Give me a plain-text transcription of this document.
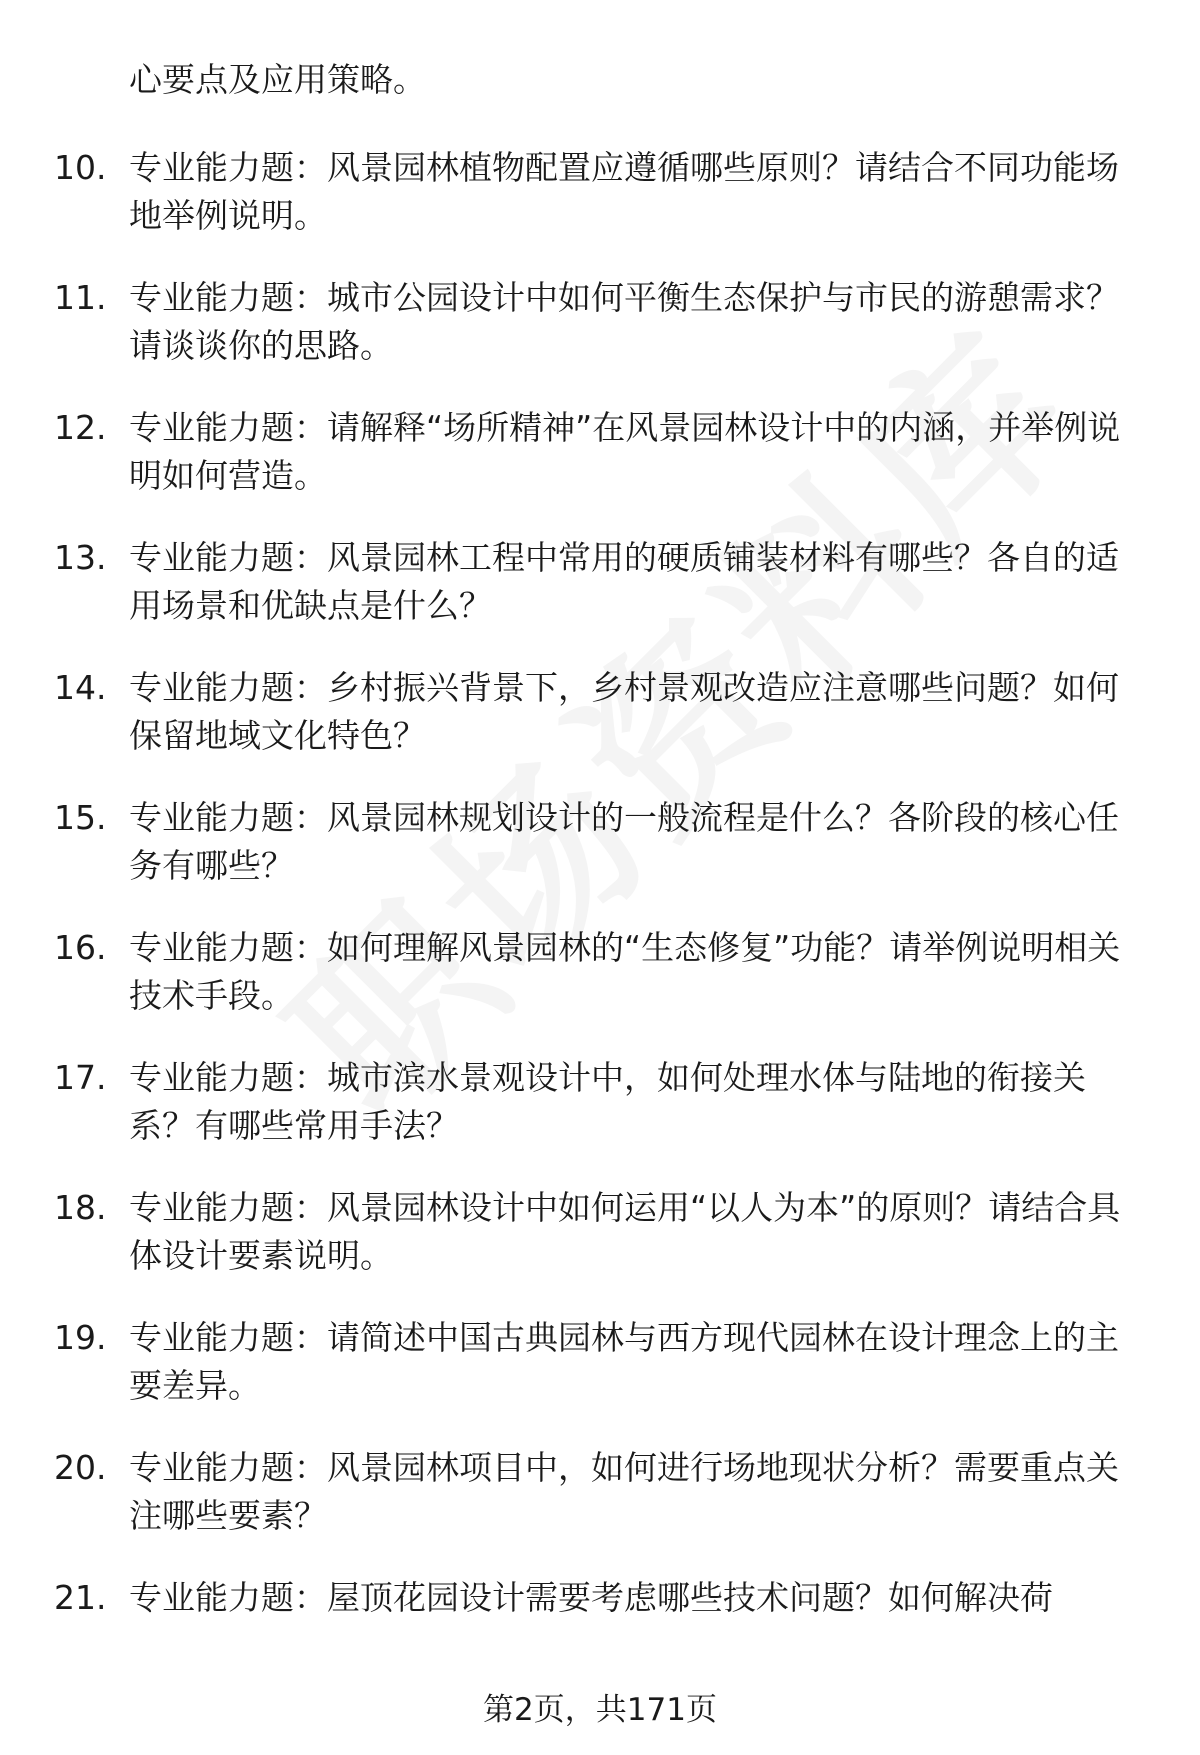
心要点及应用策略。
10. 专业能力题：风景园林植物配置应遵循哪些原则？请结合不同功能场地举例说明。
11. 专业能力题：城市公园设计中如何平衡生态保护与市民的游憩需求？请谈谈你的思路。
12. 专业能力题：请解释“场所精神”在风景园林设计中的内涵，并举例说明如何营造。
13. 专业能力题：风景园林工程中常用的硬质铺装材料有哪些？各自的适用场景和优缺点是什么？
14. 专业能力题：乡村振兴背景下，乡村景观改造应注意哪些问题？如何保留地域文化特色？
15. 专业能力题：风景园林规划设计的一般流程是什么？各阶段的核心任务有哪些？
16. 专业能力题：如何理解风景园林的“生态修复”功能？请举例说明相关技术手段。
17. 专业能力题：城市滨水景观设计中，如何处理水体与陆地的衔接关系？有哪些常用手法？
18. 专业能力题：风景园林设计中如何运用“以人为本”的原则？请结合具体设计要素说明。
19. 专业能力题：请简述中国古典园林与西方现代园林在设计理念上的主要差异。
20. 专业能力题：风景园林项目中，如何进行场地现状分析？需要重点关注哪些要素？
21. 专业能力题：屋顶花园设计需要考虑哪些技术问题？如何解决荷
第2页，共171页
